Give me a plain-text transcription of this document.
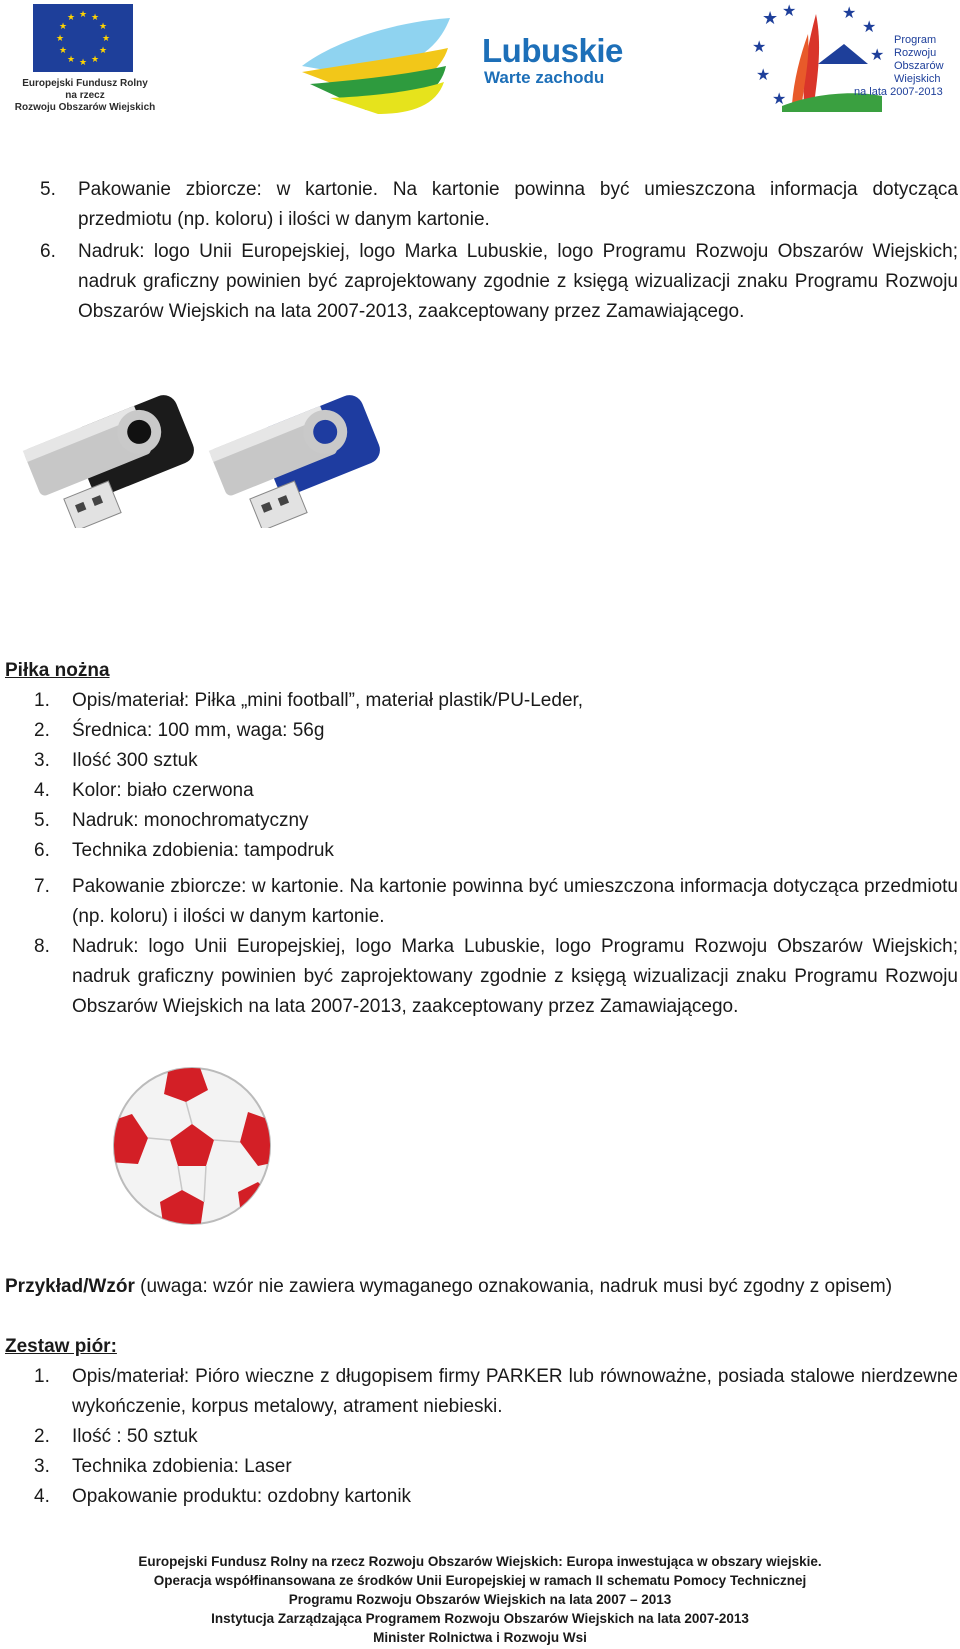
★ ★
★
★
★
★
★
★
★
★
★
★
Europejski Fundusz Rolny
na rzecz
Rozwoju Obszarów Wiejskich
Lubuskie
Warte zachodu
★ ★	★
★
★	★
★
★
Program
Rozwoju
Obszarów
Wiejskich
na lata 2007-2013
5. Pakowanie zbiorcze: w kartonie. Na kartonie powinna być umieszczona informacja dotycząca
przedmiotu (np. koloru) i ilości w danym kartonie.
6. Nadruk: logo Unii Europejskiej, logo Marka Lubuskie, logo Programu Rozwoju Obszarów Wiejskich;
nadruk graficzny powinien być zaprojektowany zgodnie z księgą wizualizacji znaku Programu Rozwoju
Obszarów Wiejskich na lata 2007-2013, zaakceptowany przez Zamawiającego.
Piłka nożna
1. Opis/materiał: Piłka „mini football”, materiał plastik/PU-Leder,
2. Średnica: 100 mm, waga: 56g
3. Ilość 300 sztuk
4. Kolor: biało czerwona
5. Nadruk: monochromatyczny
6. Technika zdobienia: tampodruk
7. Pakowanie zbiorcze: w kartonie. Na kartonie powinna być umieszczona informacja dotycząca przedmiotu
(np. koloru) i ilości w danym kartonie.
8. Nadruk: logo Unii Europejskiej, logo Marka Lubuskie, logo Programu Rozwoju Obszarów Wiejskich;
nadruk graficzny powinien być zaprojektowany zgodnie z księgą wizualizacji znaku Programu Rozwoju
Obszarów Wiejskich na lata 2007-2013, zaakceptowany przez Zamawiającego.
Przykład/Wzór (uwaga: wzór nie zawiera wymaganego oznakowania, nadruk musi być zgodny z opisem)
Zestaw piór:
1. Opis/materiał: Pióro wieczne z długopisem firmy PARKER lub równoważne, posiada stalowe nierdzewne
wykończenie, korpus metalowy, atrament niebieski.
2. Ilość : 50 sztuk
3. Technika zdobienia: Laser
4. Opakowanie produktu: ozdobny kartonik
Europejski Fundusz Rolny na rzecz Rozwoju Obszarów Wiejskich: Europa inwestująca w obszary wiejskie.
Operacja współfinansowana ze środków Unii Europejskiej w ramach II schematu Pomocy Technicznej
Programu Rozwoju Obszarów Wiejskich na lata 2007 – 2013
Instytucja Zarządzająca Programem Rozwoju Obszarów Wiejskich na lata 2007-2013
Minister Rolnictwa i Rozwoju Wsi
